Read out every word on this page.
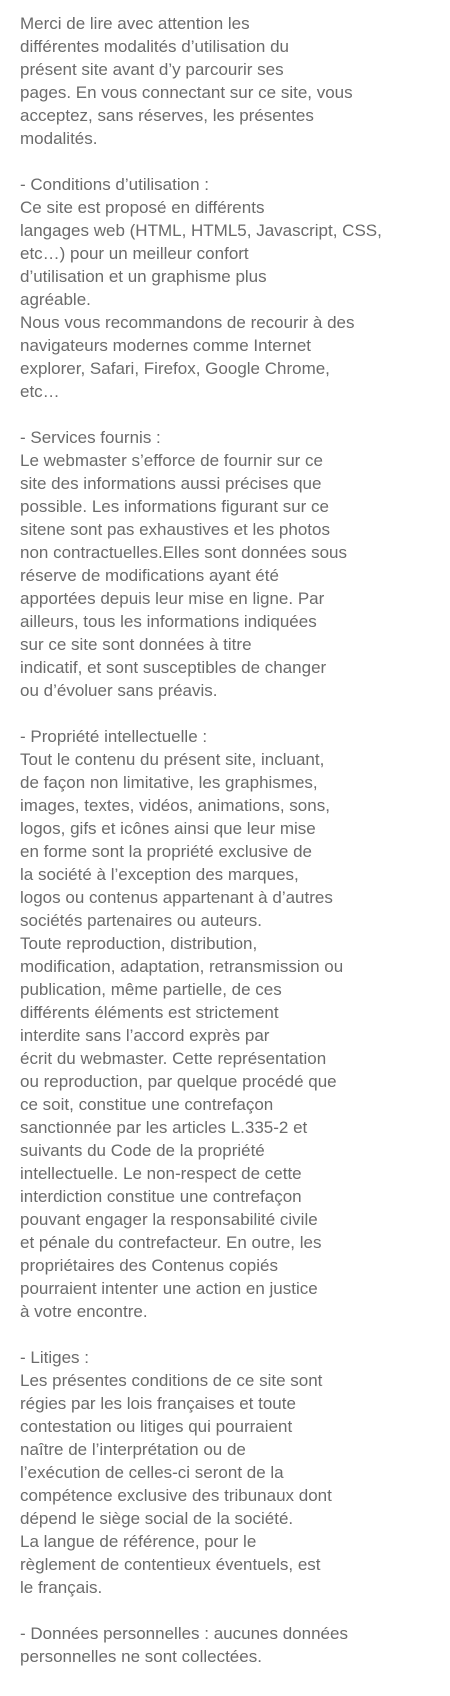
Merci de lire avec attention les
différentes modalités d’utilisation du
présent site avant d’y parcourir ses
pages. En vous connectant sur ce site, vous
acceptez, sans réserves, les présentes
modalités.
- Conditions d’utilisation :
Ce site est proposé en différents
langages web (HTML, HTML5, Javascript, CSS,
etc…) pour un meilleur confort
d’utilisation et un graphisme plus
agréable.
Nous vous recommandons de recourir à des
navigateurs modernes comme Internet
explorer, Safari, Firefox, Google Chrome,
etc…
- Services fournis :
Le webmaster s’efforce de fournir sur ce
site des informations aussi précises que
possible. Les informations figurant sur ce
sitene sont pas exhaustives et les photos
non contractuelles.Elles sont données sous
réserve de modifications ayant été
apportées depuis leur mise en ligne. Par
ailleurs, tous les informations indiquées
sur ce site sont données à titre
indicatif, et sont susceptibles de changer
ou d’évoluer sans préavis.
- Propriété intellectuelle :
Tout le contenu du présent site, incluant,
de façon non limitative, les graphismes,
images, textes, vidéos, animations, sons,
logos, gifs et icônes ainsi que leur mise
en forme sont la propriété exclusive de
la société à l’exception des marques,
logos ou contenus appartenant à d’autres
sociétés partenaires ou auteurs.
Toute reproduction, distribution,
modification, adaptation, retransmission ou
publication, même partielle, de ces
différents éléments est strictement
interdite sans l’accord exprès par
écrit du webmaster. Cette représentation
ou reproduction, par quelque procédé que
ce soit, constitue une contrefaçon
sanctionnée par les articles L.335-2 et
suivants du Code de la propriété
intellectuelle. Le non-respect de cette
interdiction constitue une contrefaçon
pouvant engager la responsabilité civile
et pénale du contrefacteur. En outre, les
propriétaires des Contenus copiés
pourraient intenter une action en justice
à votre encontre.
- Litiges :
Les présentes conditions de ce site sont
régies par les lois françaises et toute
contestation ou litiges qui pourraient
naître de l’interprétation ou de
l’exécution de celles-ci seront de la
compétence exclusive des tribunaux dont
dépend le siège social de la société.
La langue de référence, pour le
règlement de contentieux éventuels, est
le français.
- Données personnelles : aucunes données
personnelles ne sont collectées.
